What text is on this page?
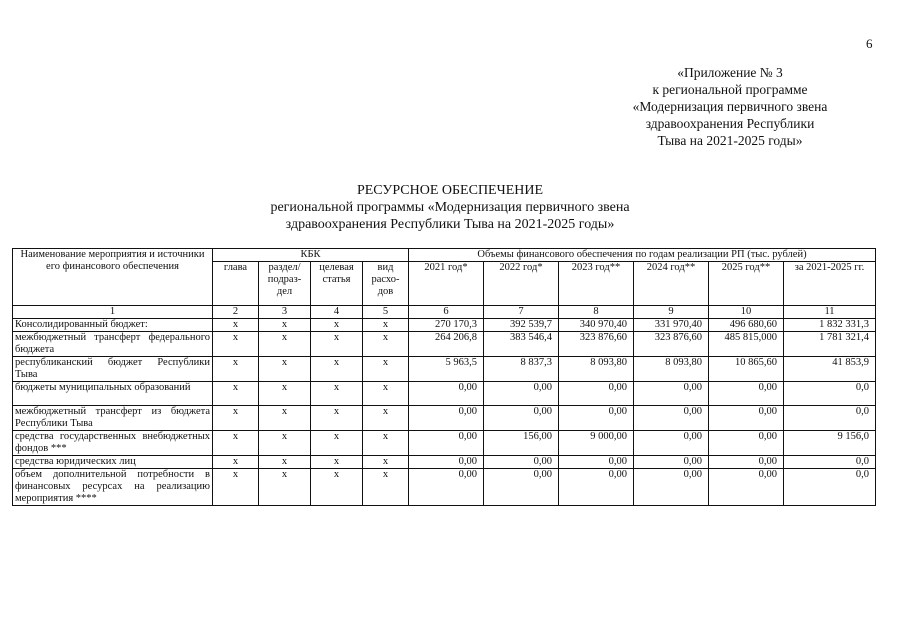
6
«Приложение № 3
к региональной программе
«Модернизация первичного звена
здравоохранения Республики
Тыва на 2021-2025 годы»
РЕСУРСНОЕ ОБЕСПЕЧЕНИЕ
региональной программы «Модернизация первичного звена
здравоохранения Республики Тыва на 2021-2025 годы»
Наименование мероприятия и источники его финансового обеспечения	КБК				Объемы финансового обеспечения по годам реализации РП (тыс. рублей)					
	глава	раздел/ подраз-дел	целевая статья	вид расхо-дов	2021 год*	2022 год*	2023 год**	2024 год**	2025 год**	за 2021-2025 гг.
1	2	3	4	5	6	7	8	9	10	11
Консолидированный бюджет:	х	х	х	х	270 170,3	392 539,7	340 970,40	331 970,40	496 680,60	1 832 331,3
межбюджетный трансферт федерального бюджета	х	х	х	х	264 206,8	383 546,4	323 876,60	323 876,60	485 815,000	1 781 321,4
республиканский бюджет Республики Тыва	х	х	х	х	5 963,5	8 837,3	8 093,80	8 093,80	10 865,60	41 853,9
бюджеты муниципальных образований	х	х	х	х	0,00	0,00	0,00	0,00	0,00	0,0
межбюджетный трансферт из бюджета Республики Тыва	х	х	х	х	0,00	0,00	0,00	0,00	0,00	0,0
средства государственных внебюджетных фондов ***	х	х	х	х	0,00	156,00	9 000,00	0,00	0,00	9 156,0
средства юридических лиц	х	х	х	х	0,00	0,00	0,00	0,00	0,00	0,0
объем дополнительной потребности в финансовых ресурсах на реализацию мероприятия ****	х	х	х	х	0,00	0,00	0,00	0,00	0,00	0,0
